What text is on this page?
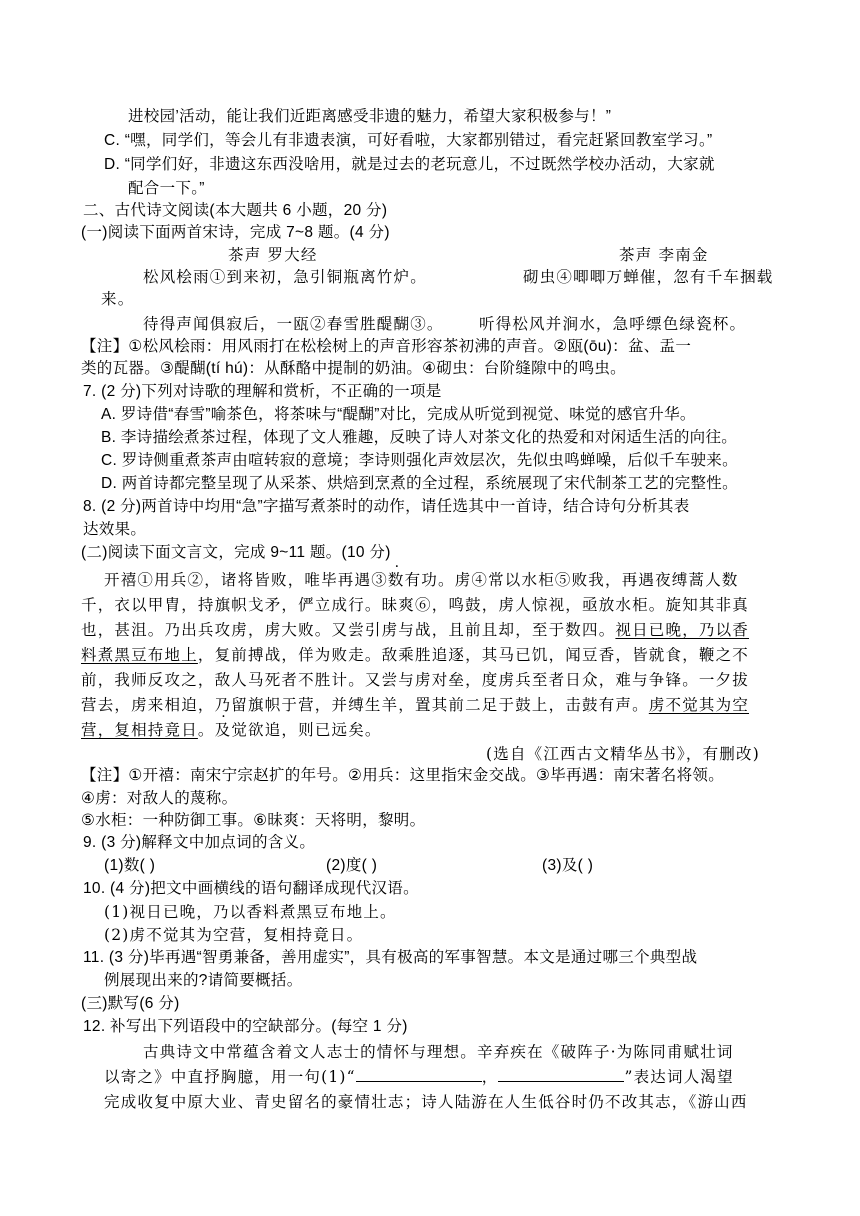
进校园’活动，能让我们近距离感受非遗的魅力，希望大家积极参与！”
C. “嘿，同学们，等会儿有非遗表演，可好看啦，大家都别错过，看完赶紧回教室学习。”
D. “同学们好，非遗这东西没啥用，就是过去的老玩意儿，不过既然学校办活动，大家就
配合一下。”
二、古代诗文阅读(本大题共 6 小题，20 分)
(一)阅读下面两首宋诗，完成 7~8 题。(4 分)
茶声 罗大经	茶声 李南金
松风桧雨①到来初，急引铜瓶离竹炉。	砌虫④唧唧万蝉催，忽有千车捆载
来。
待得声闻俱寂后，一瓯②春雪胜醍醐③。 听得松风并涧水，急呼缥色绿瓷杯。
【注】①松风桧雨：用风雨打在松桧树上的声音形容茶初沸的声音。②瓯(ōu)：盆、盂一
类的瓦器。③醍醐(tí hú)：从酥酪中提制的奶油。④砌虫：台阶缝隙中的鸣虫。
7. (2 分)下列对诗歌的理解和赏析，不正确的一项是
A. 罗诗借“春雪”喻茶色，将茶味与“醍醐”对比，完成从听觉到视觉、味觉的感官升华。
B. 李诗描绘煮茶过程，体现了文人雅趣，反映了诗人对茶文化的热爱和对闲适生活的向往。
C. 罗诗侧重煮茶声由喧转寂的意境；李诗则强化声效层次，先似虫鸣蝉噪，后似千车驶来。
D. 两首诗都完整呈现了从采茶、烘焙到烹煮的全过程，系统展现了宋代制茶工艺的完整性。
8. (2 分)两首诗中均用“急”字描写煮茶时的动作，请任选其中一首诗，结合诗句分析其表
达效果。
(二)阅读下面文言文，完成 9~11 题。(10 分)
开禧①用兵②，诸将皆败，唯毕再遇③数有功。虏④常以水柜⑤败我，再遇夜缚蒿人数
千，衣以甲胄，持旗帜戈矛，俨立成行。昧爽⑥，鸣鼓，虏人惊视，亟放水柜。旋知其非真
也，甚沮。乃出兵攻虏，虏大败。又尝引虏与战，且前且却，至于数四。视日已晚，乃以香
料煮黑豆布地上，复前搏战，佯为败走。敌乘胜追逐，其马已饥，闻豆香，皆就食，鞭之不
前，我师反攻之，敌人马死者不胜计。又尝与虏对垒，度虏兵至者日众，难与争锋。一夕拔
营去，虏来相迫，乃留旗帜于营，并缚生羊，置其前二足于鼓上，击鼓有声。虏不觉其为空
营，复相持竟日。及觉欲追，则已远矣。
(选自《江西古文精华丛书》，有删改)
【注】①开禧：南宋宁宗赵扩的年号。②用兵：这里指宋金交战。③毕再遇：南宋著名将领。
④虏：对敌人的蔑称。
⑤水柜：一种防御工事。⑥昧爽：天将明，黎明。
9. (3 分)解释文中加点词的含义。
(1)数( )	(2)度( )	(3)及( )
10. (4 分)把文中画横线的语句翻译成现代汉语。
(1)视日已晚，乃以香料煮黑豆布地上。
(2)虏不觉其为空营，复相持竟日。
11. (3 分)毕再遇“智勇兼备，善用虚实”，具有极高的军事智慧。本文是通过哪三个典型战
例展现出来的?请简要概括。
(三)默写(6 分)
12. 补写出下列语段中的空缺部分。(每空 1 分)
古典诗文中常蕴含着文人志士的情怀与理想。辛弃疾在《破阵子·为陈同甫赋壮词
以寄之》中直抒胸臆，用一句(1)“	，	”表达词人渴望
完成收复中原大业、青史留名的豪情壮志；诗人陆游在人生低谷时仍不改其志，《游山西
